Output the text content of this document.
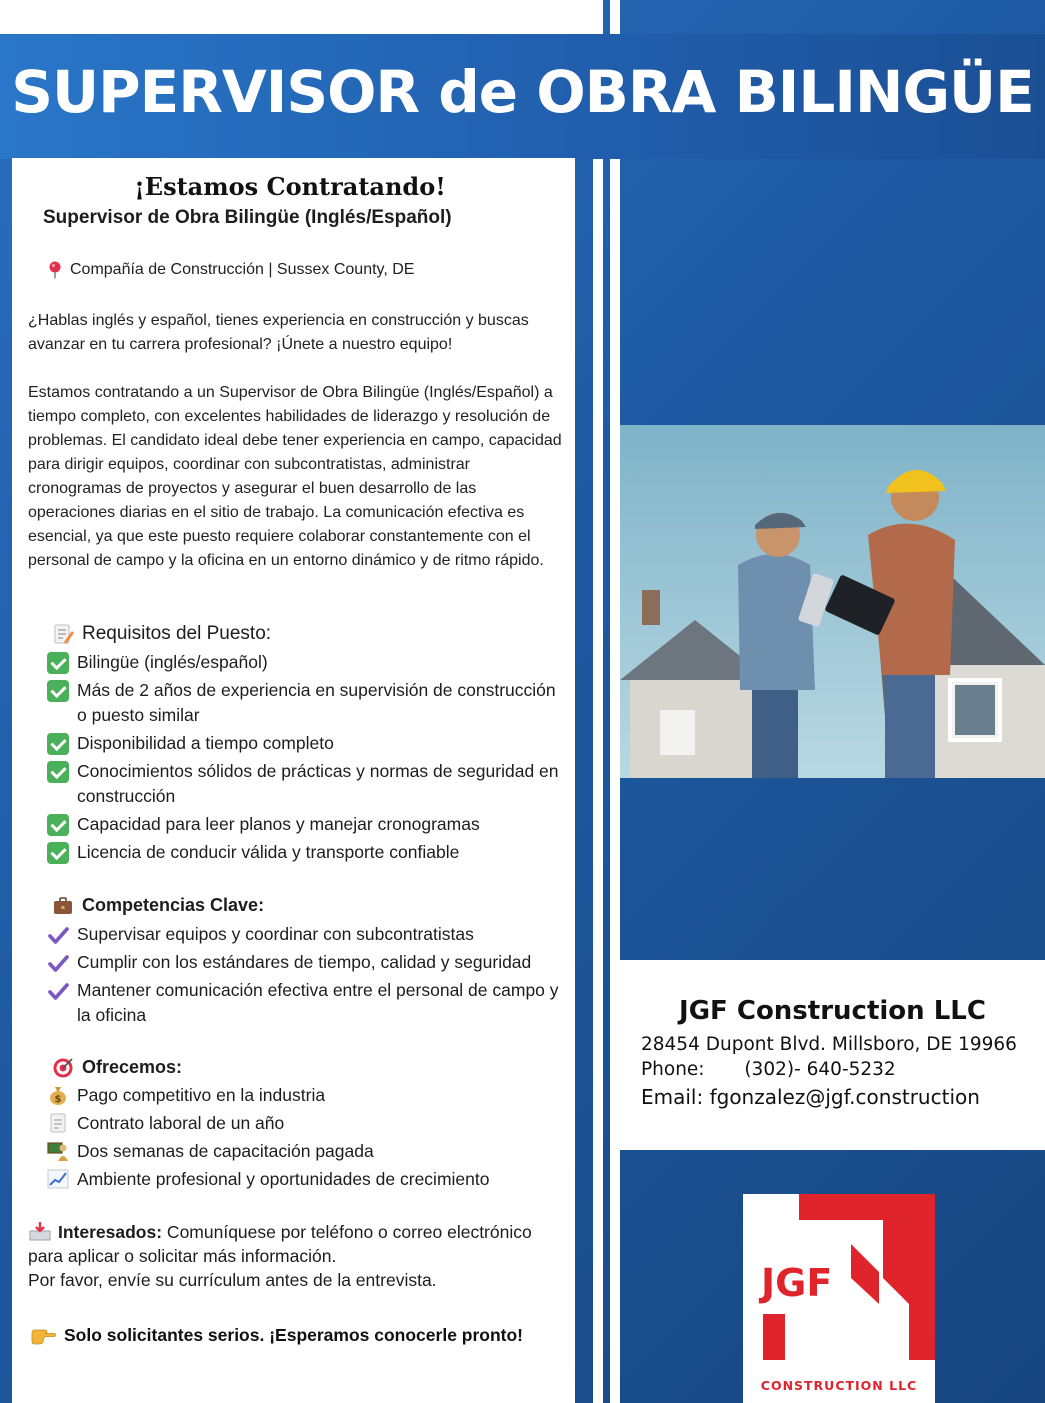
SUPERVISOR de OBRA BILINGÜE
¡Estamos Contratando!
Supervisor de Obra Bilingüe (Inglés/Español)
Compañía de Construcción | Sussex County, DE
¿Hablas inglés y español, tienes experiencia en construcción y buscas avanzar en tu carrera profesional? ¡Únete a nuestro equipo!
Estamos contratando a un Supervisor de Obra Bilingüe (Inglés/Español) a tiempo completo, con excelentes habilidades de liderazgo y resolución de problemas. El candidato ideal debe tener experiencia en campo, capacidad para dirigir equipos, coordinar con subcontratistas, administrar cronogramas de proyectos y asegurar el buen desarrollo de las operaciones diarias en el sitio de trabajo. La comunicación efectiva es esencial, ya que este puesto requiere colaborar constantemente con el personal de campo y la oficina en un entorno dinámico y de ritmo rápido.
Requisitos del Puesto:
Bilingüe (inglés/español)
Más de 2 años de experiencia en supervisión de construcción o puesto similar
Disponibilidad a tiempo completo
Conocimientos sólidos de prácticas y normas de seguridad en construcción
Capacidad para leer planos y manejar cronogramas
Licencia de conducir válida y transporte confiable
Competencias Clave:
Supervisar equipos y coordinar con subcontratistas
Cumplir con los estándares de tiempo, calidad y seguridad
Mantener comunicación efectiva entre el personal de campo y la oficina
Ofrecemos:
$ Pago competitivo en la industria
Contrato laboral de un año
Dos semanas de capacitación pagada
Ambiente profesional y oportunidades de crecimiento
Interesados: Comuníquese por teléfono o correo electrónico para aplicar o solicitar más información.
Por favor, envíe su currículum antes de la entrevista.
Solo solicitantes serios. ¡Esperamos conocerle pronto!
JGF Construction LLC
28454 Dupont Blvd. Millsboro, DE 19966
Phone: (302)- 640-5232
Email: fgonzalez@jgf.construction
JGF
CONSTRUCTION LLC
